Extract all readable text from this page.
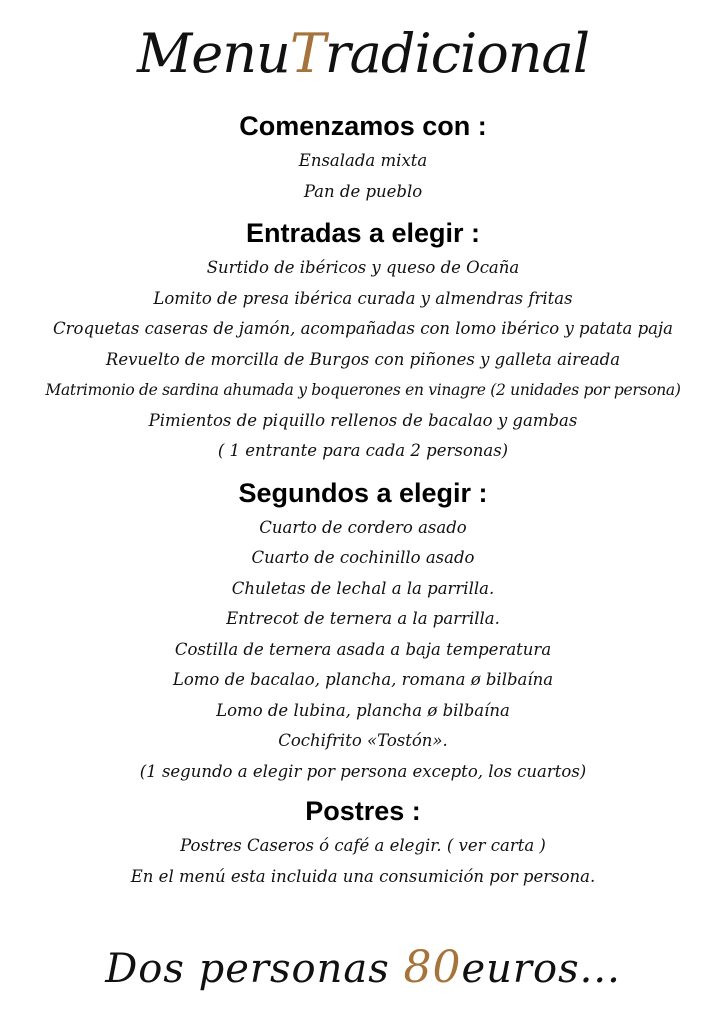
MenuTradicional
Comenzamos con :
Ensalada mixta
Pan de pueblo
Entradas a elegir :
Surtido de ibéricos y queso de Ocaña
Lomito de presa ibérica curada y almendras fritas
Croquetas caseras de jamón, acompañadas con lomo ibérico y patata paja
Revuelto de morcilla de Burgos con piñones y galleta aireada
Matrimonio de sardina ahumada y boquerones en vinagre (2 unidades por persona)
Pimientos de piquillo rellenos de bacalao y gambas
( 1 entrante para cada 2 personas)
Segundos a elegir :
Cuarto de cordero asado
Cuarto de cochinillo asado
Chuletas de lechal a la parrilla.
Entrecot de ternera a la parrilla.
Costilla de ternera asada a baja temperatura
Lomo de bacalao, plancha, romana ø bilbaína
Lomo de lubina, plancha ø bilbaína
Cochifrito «Tostón».
(1 segundo a elegir por persona excepto, los cuartos)
Postres :
Postres Caseros ó café a elegir. ( ver carta )
En el menú esta incluida una consumición por persona.
Dos personas 80euros...
